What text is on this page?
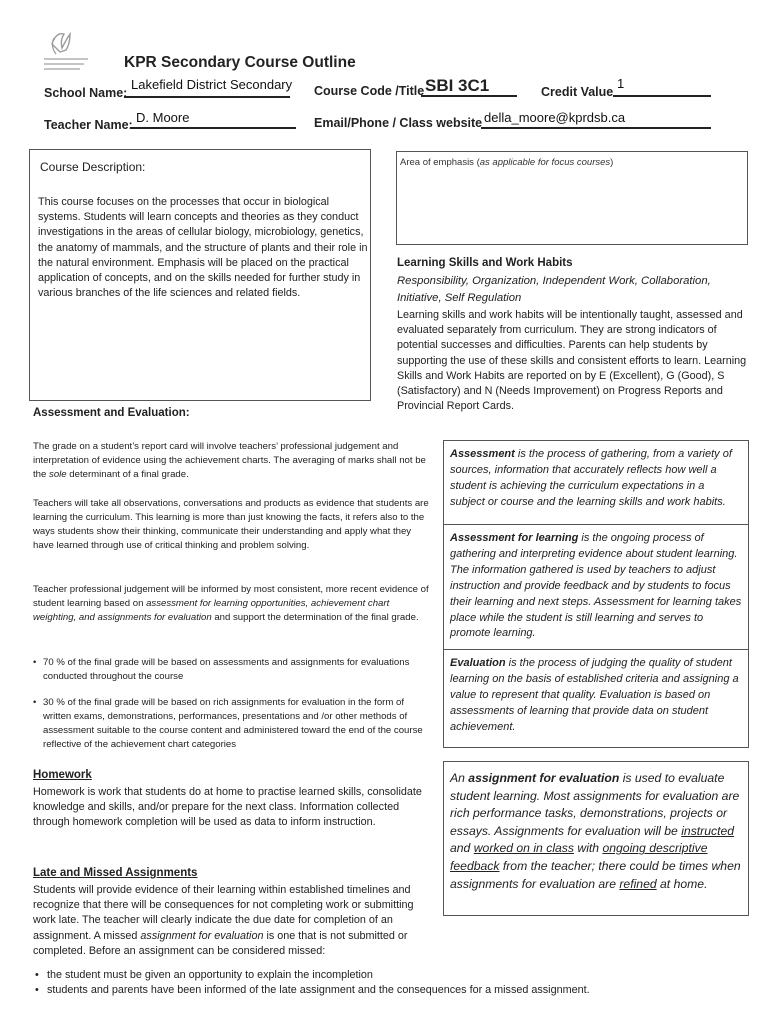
KPR Secondary Course Outline
School Name:
Lakefield District Secondary Course Code /Title SBI 3C1	Credit Value
1
Teacher Name: D. Moore	Email/Phone / Class website della_moore@kprdsb.ca
Course Description:
This course focuses on the processes that occur in biological systems. Students will learn concepts and theories as they conduct investigations in the areas of cellular biology, microbiology, genetics, the anatomy of mammals, and the structure of plants and their role in the natural environment. Emphasis will be placed on the practical application of concepts, and on the skills needed for further study in various branches of the life sciences and related fields.
Area of emphasis (as applicable for focus courses)
Learning Skills and Work Habits
Responsibility, Organization, Independent Work, Collaboration, Initiative, Self Regulation
Learning skills and work habits will be intentionally taught, assessed and evaluated separately from curriculum. They are strong indicators of potential successes and difficulties. Parents can help students by supporting the use of these skills and consistent efforts to learn. Learning Skills and Work Habits are reported on by E (Excellent), G (Good), S (Satisfactory) and N (Needs Improvement) on Progress Reports and Provincial Report Cards.
Assessment and Evaluation:
The grade on a student’s report card will involve teachers’ professional judgement and interpretation of evidence using the achievement charts. The averaging of marks shall not be the sole determinant of a final grade.
Teachers will take all observations, conversations and products as evidence that students are learning the curriculum. This learning is more than just knowing the facts, it refers also to the ways students show their thinking, communicate their understanding and apply what they have learned through use of critical thinking and problem solving.
Teacher professional judgement will be informed by most consistent, more recent evidence of student learning based on assessment for learning opportunities, achievement chart weighting, and assignments for evaluation and support the determination of the final grade.
• 70 % of the final grade will be based on assessments and assignments for evaluations conducted throughout the course
• 30 % of the final grade will be based on rich assignments for evaluation in the form of written exams, demonstrations, performances, presentations and /or other methods of assessment suitable to the course content and administered toward the end of the course reflective of the achievement chart categories
Assessment is the process of gathering, from a variety of sources, information that accurately reflects how well a student is achieving the curriculum expectations in a subject or course and the learning skills and work habits.
Assessment for learning is the ongoing process of gathering and interpreting evidence about student learning. The information gathered is used by teachers to adjust instruction and provide feedback and by students to focus their learning and next steps. Assessment for learning takes place while the student is still learning and serves to promote learning.
Evaluation is the process of judging the quality of student learning on the basis of established criteria and assigning a value to represent that quality. Evaluation is based on assessments of learning that provide data on student achievement.
An assignment for evaluation is used to evaluate student learning. Most assignments for evaluation are rich performance tasks, demonstrations, projects or essays. Assignments for evaluation will be instructed and worked on in class with ongoing descriptive feedback from the teacher; there could be times when assignments for evaluation are refined at home.
Homework
Homework is work that students do at home to practise learned skills, consolidate knowledge and skills, and/or prepare for the next class. Information collected through homework completion will be used as data to inform instruction.
Late and Missed Assignments
Students will provide evidence of their learning within established timelines and recognize that there will be consequences for not completing work or submitting work late. The teacher will clearly indicate the due date for completion of an assignment. A missed assignment for evaluation is one that is not submitted or completed. Before an assignment can be considered missed:
• the student must be given an opportunity to explain the incompletion
• students and parents have been informed of the late assignment and the consequences for a missed assignment.
